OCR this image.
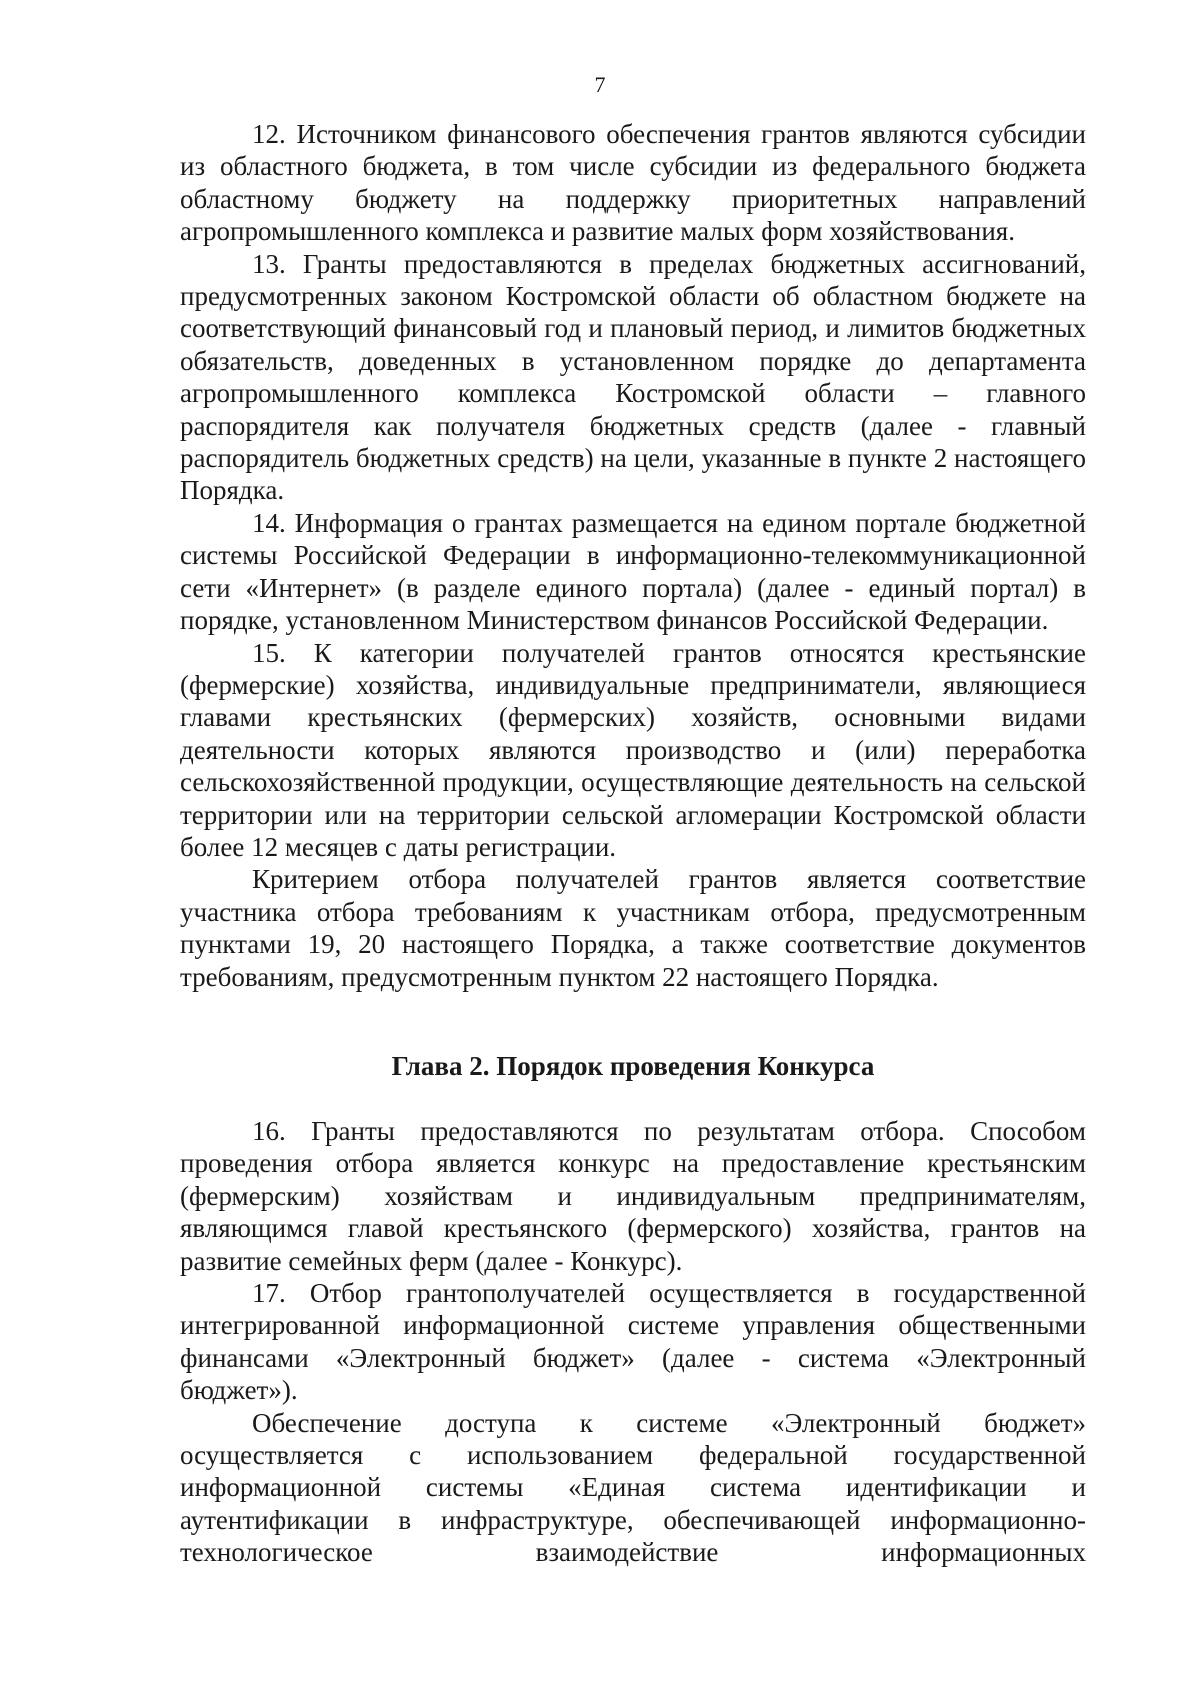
7

12. Источником финансового обеспечения грантов являются субсидии из областного бюджета, в том числе субсидии из федерального бюджета областному бюджету на поддержку приоритетных направлений агропромышленного комплекса и развитие малых форм хозяйствования.

13. Гранты предоставляются в пределах бюджетных ассигнований, предусмотренных законом Костромской области об областном бюджете на соответствующий финансовый год и плановый период, и лимитов бюджетных обязательств, доведенных в установленном порядке до департамента агропромышленного комплекса Костромской области – главного распорядителя как получателя бюджетных средств (далее - главный распорядитель бюджетных средств) на цели, указанные в пункте 2 настоящего Порядка.

14. Информация о грантах размещается на едином портале бюджетной системы Российской Федерации в информационно-телекоммуникационной сети «Интернет» (в разделе единого портала) (далее - единый портал) в порядке, установленном Министерством финансов Российской Федерации.

15. К категории получателей грантов относятся крестьянские (фермерские) хозяйства, индивидуальные предприниматели, являющиеся главами крестьянских (фермерских) хозяйств, основными видами деятельности которых являются производство и (или) переработка сельскохозяйственной продукции, осуществляющие деятельность на сельской территории или на территории сельской агломерации Костромской области более 12 месяцев с даты регистрации.

Критерием отбора получателей грантов является соответствие участника отбора требованиям к участникам отбора, предусмотренным пунктами 19, 20 настоящего Порядка, а также соответствие документов требованиям, предусмотренным пунктом 22 настоящего Порядка.

Глава 2. Порядок проведения Конкурса

16. Гранты предоставляются по результатам отбора. Способом проведения отбора является конкурс на предоставление крестьянским (фермерским) хозяйствам и индивидуальным предпринимателям, являющимся главой крестьянского (фермерского) хозяйства, грантов на развитие семейных ферм (далее - Конкурс).

17. Отбор грантополучателей осуществляется в государственной интегрированной информационной системе управления общественными финансами «Электронный бюджет» (далее - система «Электронный бюджет»).

Обеспечение доступа к системе «Электронный бюджет» осуществляется с использованием федеральной государственной информационной системы «Единая система идентификации и аутентификации в инфраструктуре, обеспечивающей информационно-технологическое взаимодействие информационных
